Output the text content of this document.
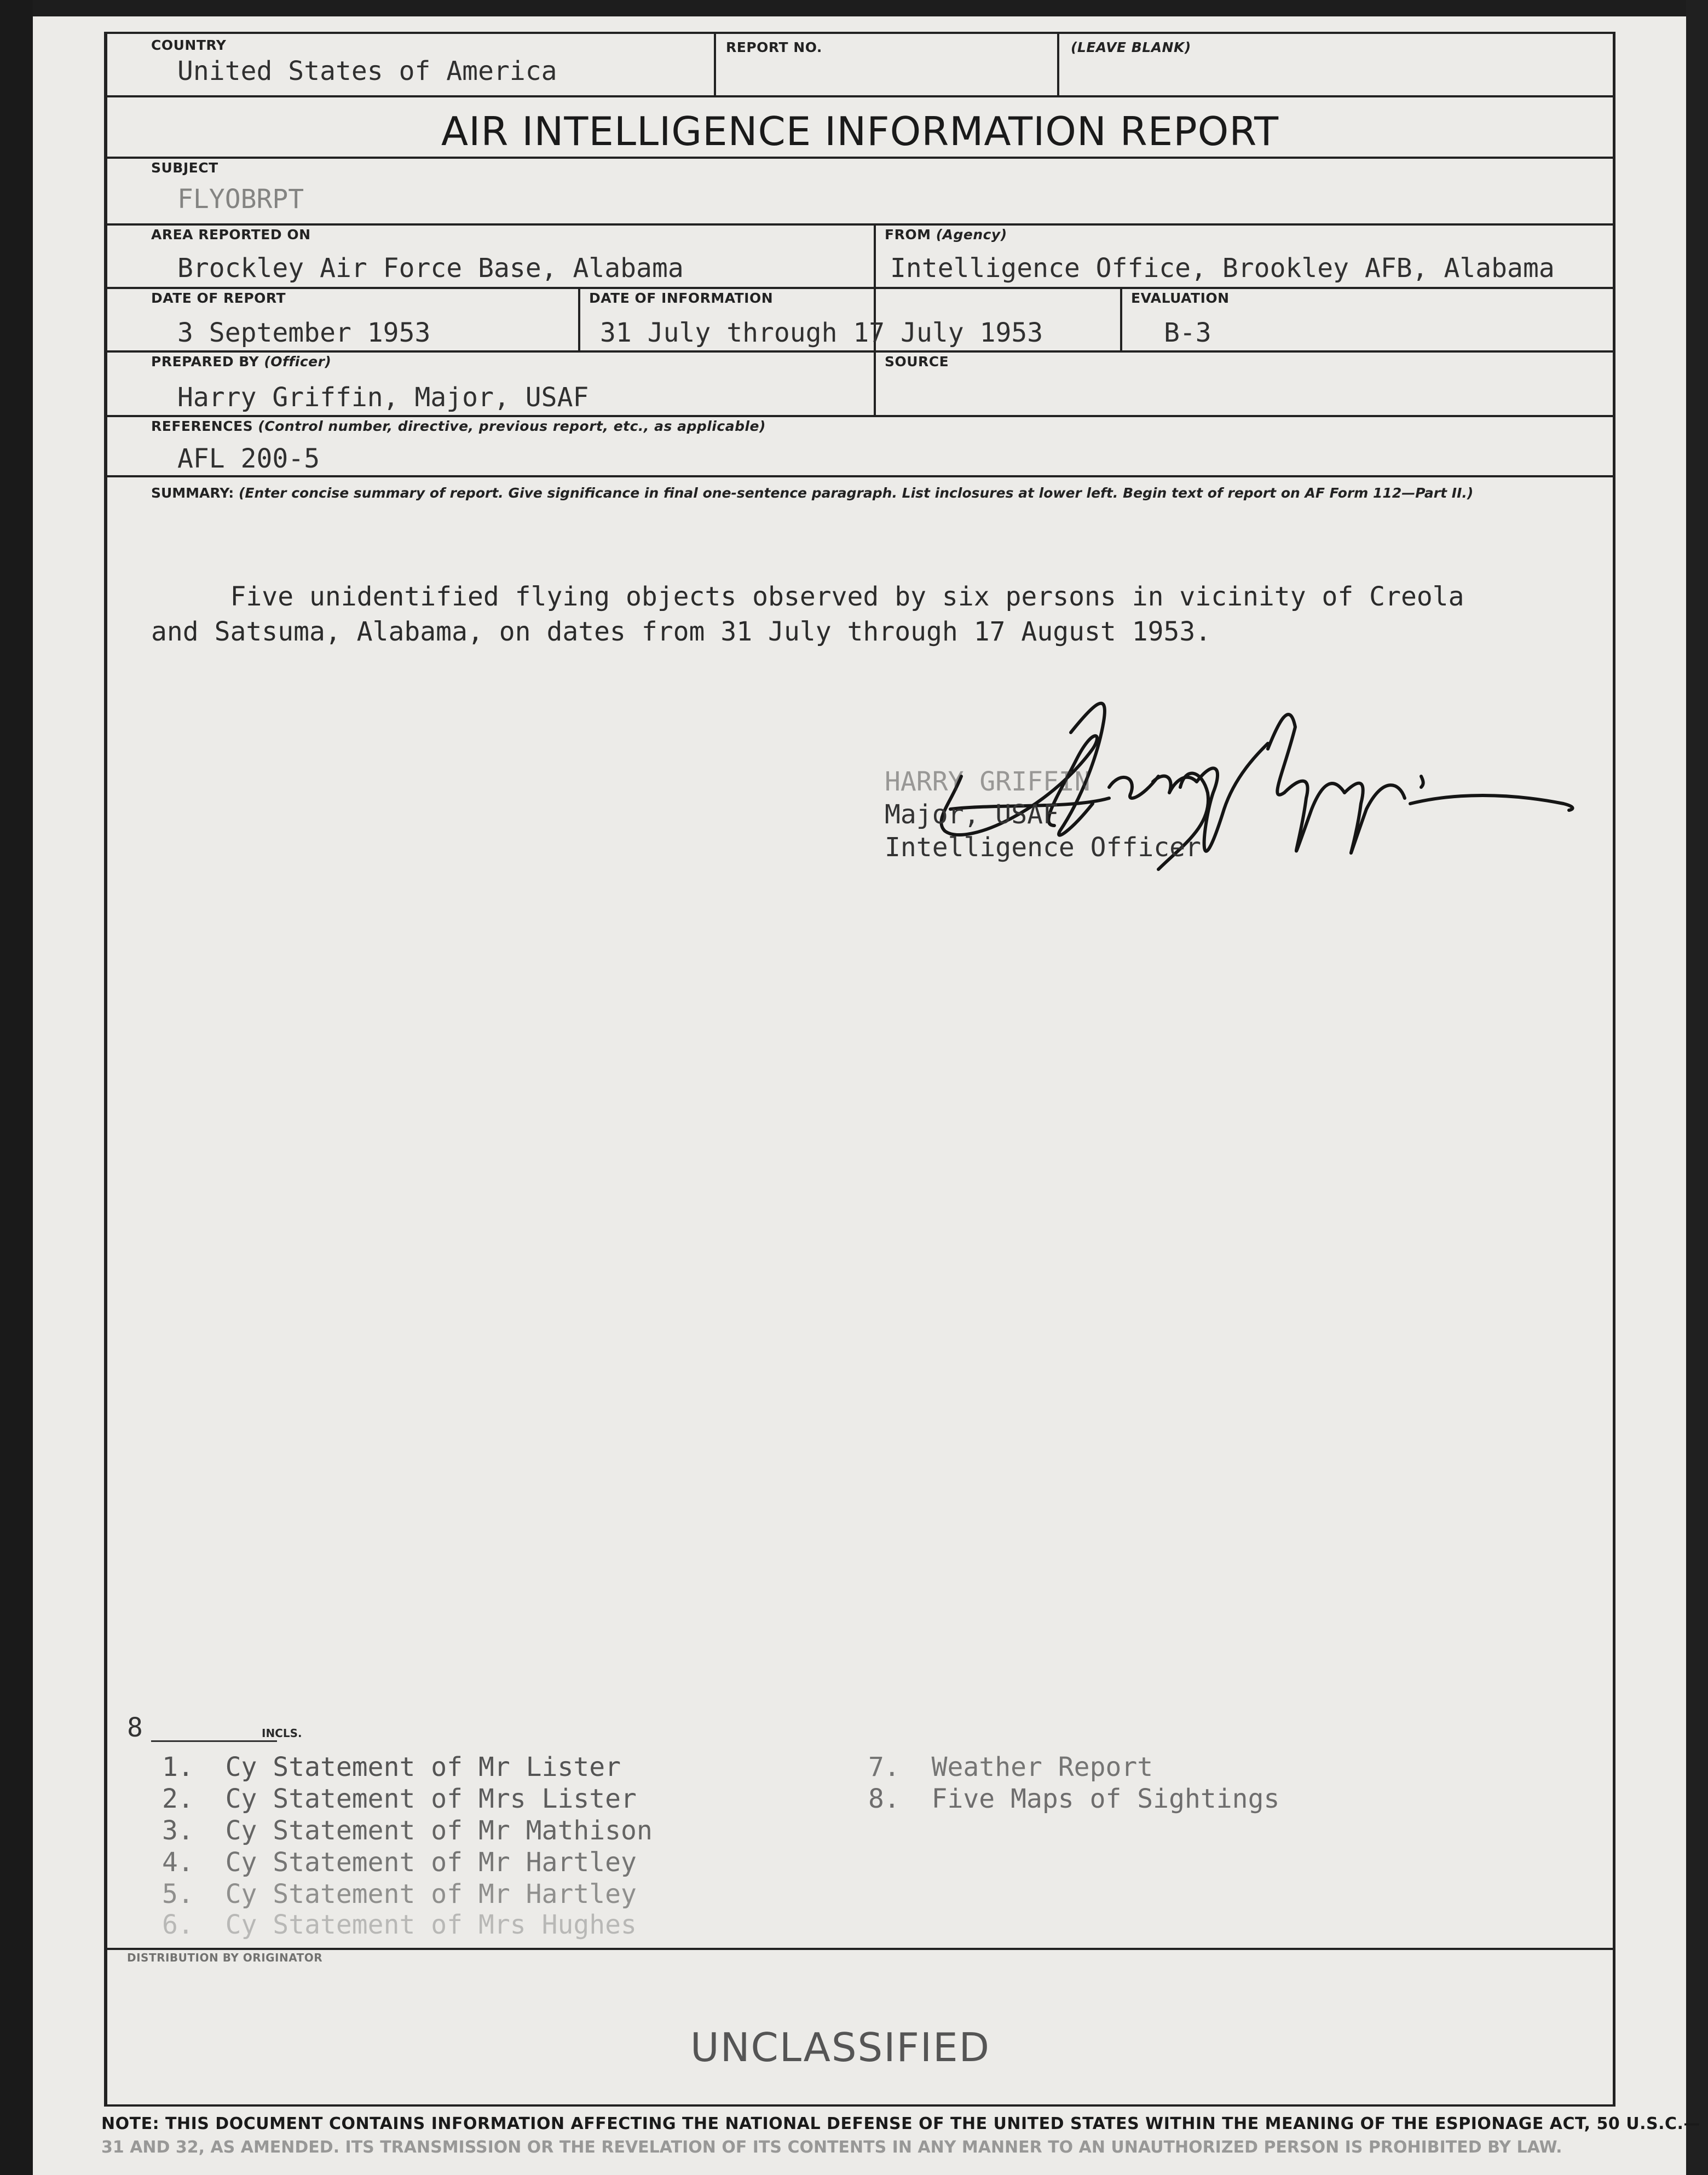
COUNTRY
United States of America
REPORT NO.	(LEAVE BLANK)
AIR INTELLIGENCE INFORMATION REPORT
SUBJECT
FLYOBRPT
AREA REPORTED ON
Brockley Air Force Base, Alabama
FROM (Agency)
Intelligence Office, Brookley AFB, Alabama
DATE OF REPORT
3 September 1953
DATE OF INFORMATION
31 July through 17 July 1953
EVALUATION
B-3
PREPARED BY (Officer)
Harry Griffin, Major, USAF
SOURCE
REFERENCES (Control number, directive, previous report, etc., as applicable)
AFL 200-5
SUMMARY: (Enter concise summary of report. Give significance in final one-sentence paragraph. List inclosures at lower left. Begin text of report on AF Form 112—Part II.)
Five unidentified flying objects observed by six persons in vicinity of Creola
and Satsuma, Alabama, on dates from 31 July through 17 August 1953.
HARRY GRIFFIN
Major, USAF
Intelligence Officer
8	INCLS.
1. Cy Statement of Mr Lister
2. Cy Statement of Mrs Lister
3. Cy Statement of Mr Mathison
4. Cy Statement of Mr Hartley
5. Cy Statement of Mr Hartley
6. Cy Statement of Mrs Hughes
7. Weather Report
8. Five Maps of Sightings
DISTRIBUTION BY ORIGINATOR
UNCLASSIFIED
NOTE: THIS DOCUMENT CONTAINS INFORMATION AFFECTING THE NATIONAL DEFENSE OF THE UNITED STATES WITHIN THE MEANING OF THE ESPIONAGE ACT, 50 U.S.C.—
31 AND 32, AS AMENDED. ITS TRANSMISSION OR THE REVELATION OF ITS CONTENTS IN ANY MANNER TO AN UNAUTHORIZED PERSON IS PROHIBITED BY LAW.
